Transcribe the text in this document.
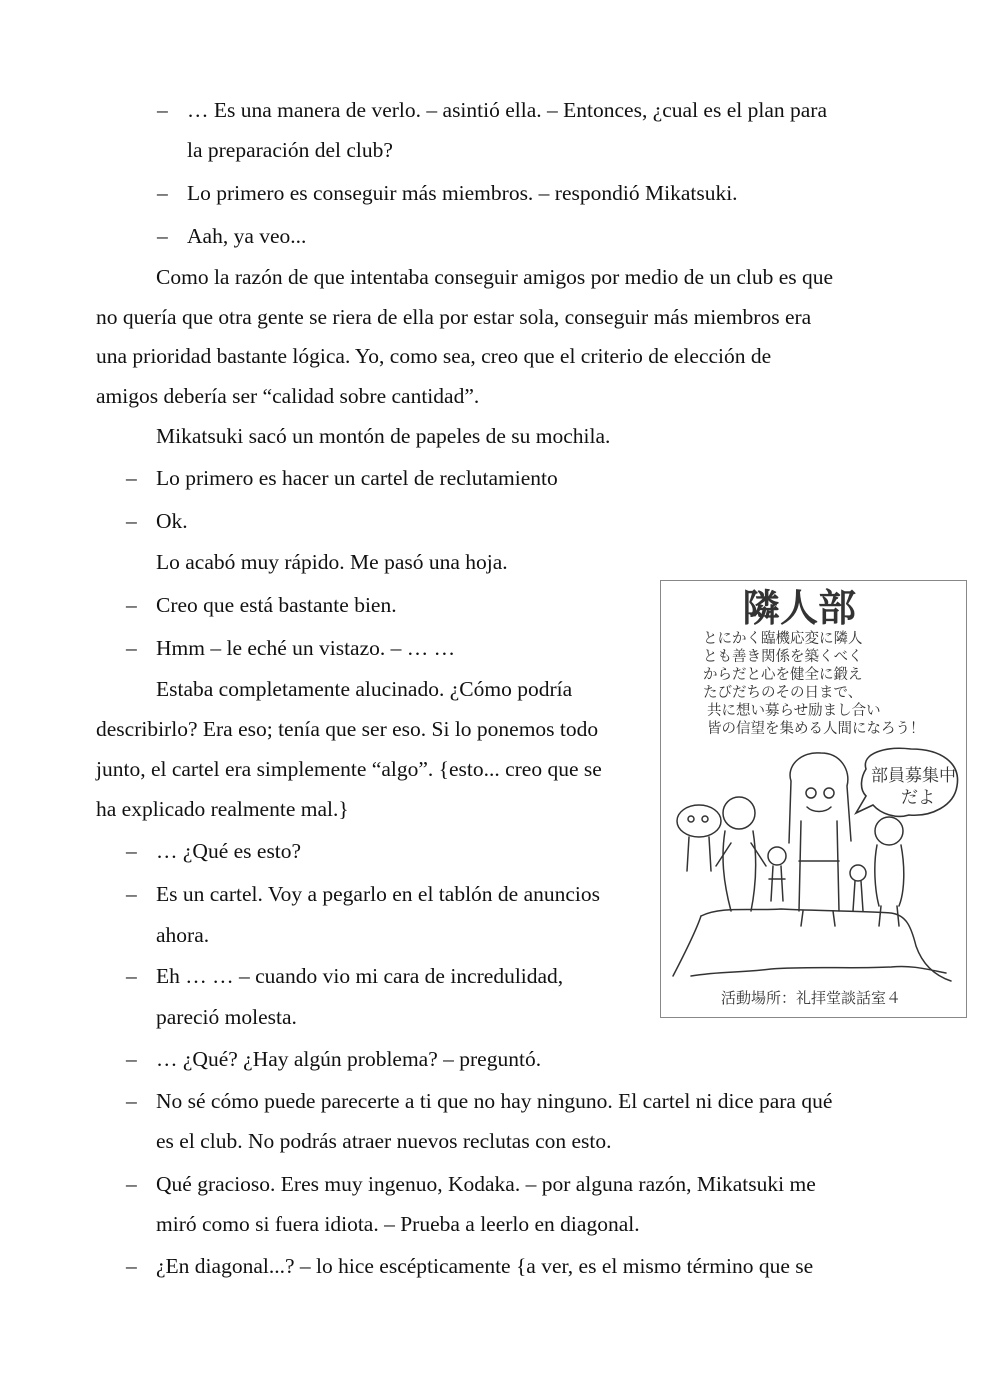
– … Es una manera de verlo. – asintió ella. – Entonces, ¿cual es el plan para
la preparación del club?
– Lo primero es conseguir más miembros. – respondió Mikatsuki.
– Aah, ya veo...
Como la razón de que intentaba conseguir amigos por medio de un club es que
no quería que otra gente se riera de ella por estar sola, conseguir más miembros era
una prioridad bastante lógica. Yo, como sea, creo que el criterio de elección de
amigos debería ser “calidad sobre cantidad”.
Mikatsuki sacó un montón de papeles de su mochila.
– Lo primero es hacer un cartel de reclutamiento
– Ok.
Lo acabó muy rápido. Me pasó una hoja.
– Creo que está bastante bien.
– Hmm – le eché un vistazo. – … …
Estaba completamente alucinado. ¿Cómo podría
describirlo? Era eso; tenía que ser eso. Si lo ponemos todo
junto, el cartel era simplemente “algo”. {esto... creo que se
ha explicado realmente mal.}
– … ¿Qué es esto?
– Es un cartel. Voy a pegarlo en el tablón de anuncios
ahora.
– Eh … … – cuando vio mi cara de incredulidad,
pareció molesta.
– … ¿Qué? ¿Hay algún problema? – preguntó.
– No sé cómo puede parecerte a ti que no hay ninguno. El cartel ni dice para qué
es el club. No podrás atraer nuevos reclutas con esto.
– Qué gracioso. Eres muy ingenuo, Kodaka. – por alguna razón, Mikatsuki me
miró como si fuera idiota. – Prueba a leerlo en diagonal.
– ¿En diagonal...? – lo hice escépticamente {a ver, es el mismo término que se
隣人部
とにかく臨機応変に隣人
とも善き関係を築くべく
からだと心を健全に鍛え
たびだちのその日まで、
共に想い募らせ励まし合い
皆の信望を集める人間になろう！
部員募集中
だよ
活動場所：礼拝堂談話室４
